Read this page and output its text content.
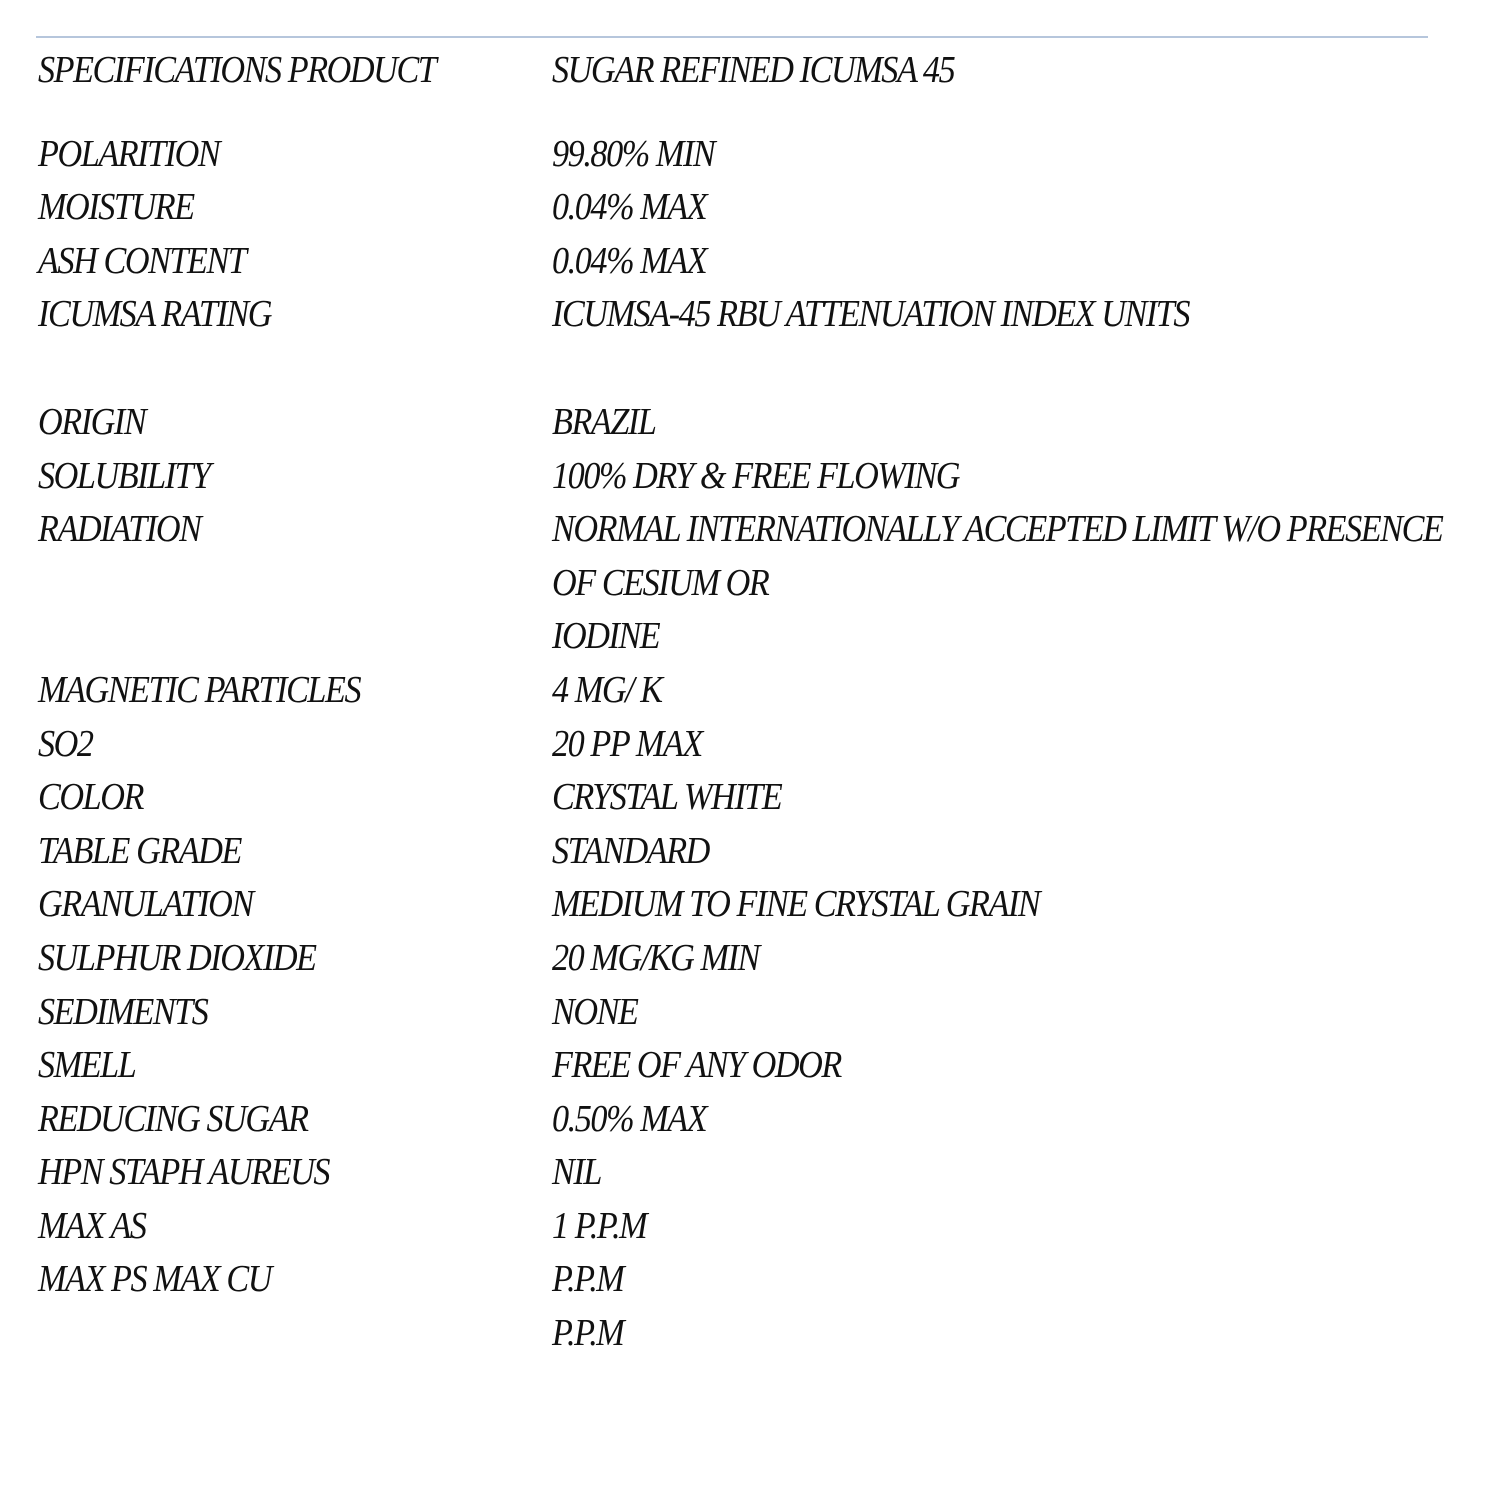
SPECIFICATIONS PRODUCT	SUGAR REFINED ICUMSA 45
POLARITION	99.80% MIN
MOISTURE	0.04% MAX
ASH CONTENT	0.04% MAX
ICUMSA RATING	ICUMSA-45 RBU ATTENUATION INDEX UNITS
ORIGIN	BRAZIL
SOLUBILITY	100% DRY & FREE FLOWING
RADIATION	NORMAL INTERNATIONALLY ACCEPTED LIMIT W/O PRESENCE
OF CESIUM OR
IODINE
MAGNETIC PARTICLES	4 MG/ K
SO2	20 PP MAX
COLOR	CRYSTAL WHITE
TABLE GRADE	STANDARD
GRANULATION	MEDIUM TO FINE CRYSTAL GRAIN
SULPHUR DIOXIDE	20 MG/KG MIN
SEDIMENTS	NONE
SMELL	FREE OF ANY ODOR
REDUCING SUGAR	0.50% MAX
HPN STAPH AUREUS	NIL
MAX AS	1 P.P.M
MAX PS MAX CU	P.P.M
P.P.M
